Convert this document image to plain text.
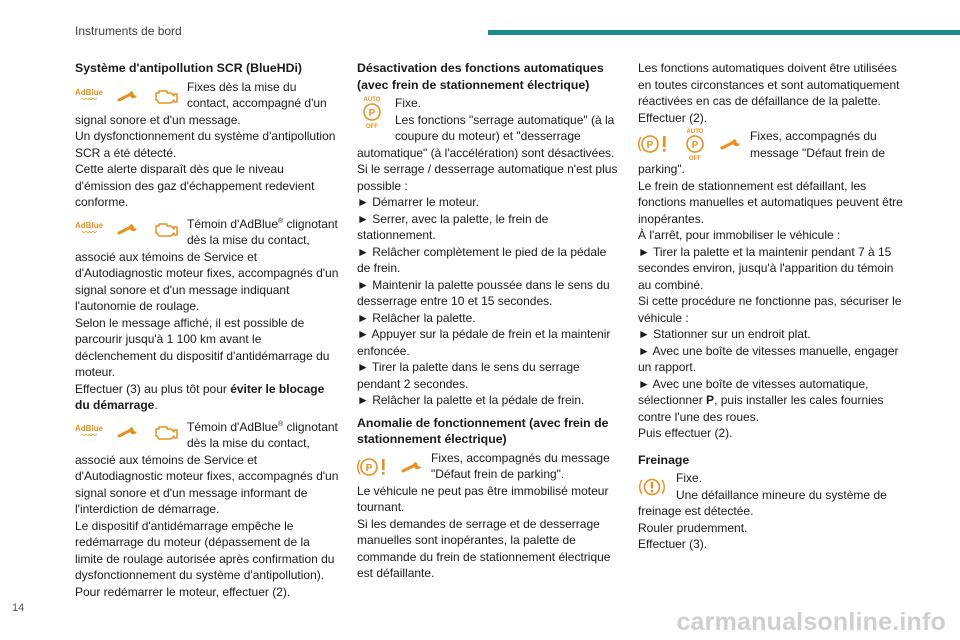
Instruments de bord
Système d'antipollution SCR (BlueHDi)
AdBlue
〰〰

Fixes dès la mise du contact, accompagné d'un signal sonore et d'un message.

Un dysfonctionnement du système d'antipollution SCR a été détecté.

Cette alerte disparaît dès que le niveau d'émission des gaz d'échappement redevient conforme.

AdBlue
〰〰

Témoin d'AdBlue® clignotant dès la mise du contact, associé aux témoins de Service et d'Autodiagnostic moteur fixes, accompagnés d'un signal sonore et d'un message indiquant l'autonomie de roulage.

Selon le message affiché, il est possible de parcourir jusqu'à 1 100 km avant le déclenchement du dispositif d'antidémarrage du moteur.

Effectuer (3) au plus tôt pour éviter le blocage du démarrage.

AdBlue
〰〰

Témoin d'AdBlue® clignotant dès la mise du contact, associé aux témoins de Service et d'Autodiagnostic moteur fixes, accompagnés d'un signal sonore et d'un message informant de l'interdiction de démarrage.

Le dispositif d'antidémarrage empêche le redémarrage du moteur (dépassement de la limite de roulage autorisée après confirmation du dysfonctionnement du système d'antipollution).

Pour redémarrer le moteur, effectuer (2).

Désactivation des fonctions automatiques (avec frein de stationnement électrique)
AUTO
P
OFF

Fixe.

Les fonctions "serrage automatique" (à la coupure du moteur) et "desserrage automatique" (à l'accélération) sont désactivées.

Si le serrage / desserrage automatique n'est plus possible :

► Démarrer le moteur.

► Serrer, avec la palette, le frein de stationnement.

► Relâcher complètement le pied de la pédale de frein.

► Maintenir la palette poussée dans le sens du desserrage entre 10 et 15 secondes.

► Relâcher la palette.

► Appuyer sur la pédale de frein et la maintenir enfoncée.

► Tirer la palette dans le sens du serrage pendant 2 secondes.

► Relâcher la palette et la pédale de frein.

Anomalie de fonctionnement (avec frein de stationnement électrique)
P

Fixes, accompagnés du message "Défaut frein de parking".

Le véhicule ne peut pas être immobilisé moteur tournant.

Si les demandes de serrage et de desserrage manuelles sont inopérantes, la palette de commande du frein de stationnement électrique est défaillante.

Les fonctions automatiques doivent être utilisées en toutes circonstances et sont automatiquement réactivées en cas de défaillance de la palette.

Effectuer (2).

P
AUTO
P
OFF

Fixes, accompagnés du message "Défaut frein de parking".

Le frein de stationnement est défaillant, les fonctions manuelles et automatiques peuvent être inopérantes.

À l'arrêt, pour immobiliser le véhicule :

► Tirer la palette et la maintenir pendant 7 à 15 secondes environ, jusqu'à l'apparition du témoin au combiné.

Si cette procédure ne fonctionne pas, sécuriser le véhicule :

► Stationner sur un endroit plat.

► Avec une boîte de vitesses manuelle, engager un rapport.

► Avec une boîte de vitesses automatique, sélectionner P, puis installer les cales fournies contre l'une des roues.

Puis effectuer (2).

Freinage

Fixe.

Une défaillance mineure du système de freinage est détectée.

Rouler prudemment.

Effectuer (3).

14	carmanualsonline.info
